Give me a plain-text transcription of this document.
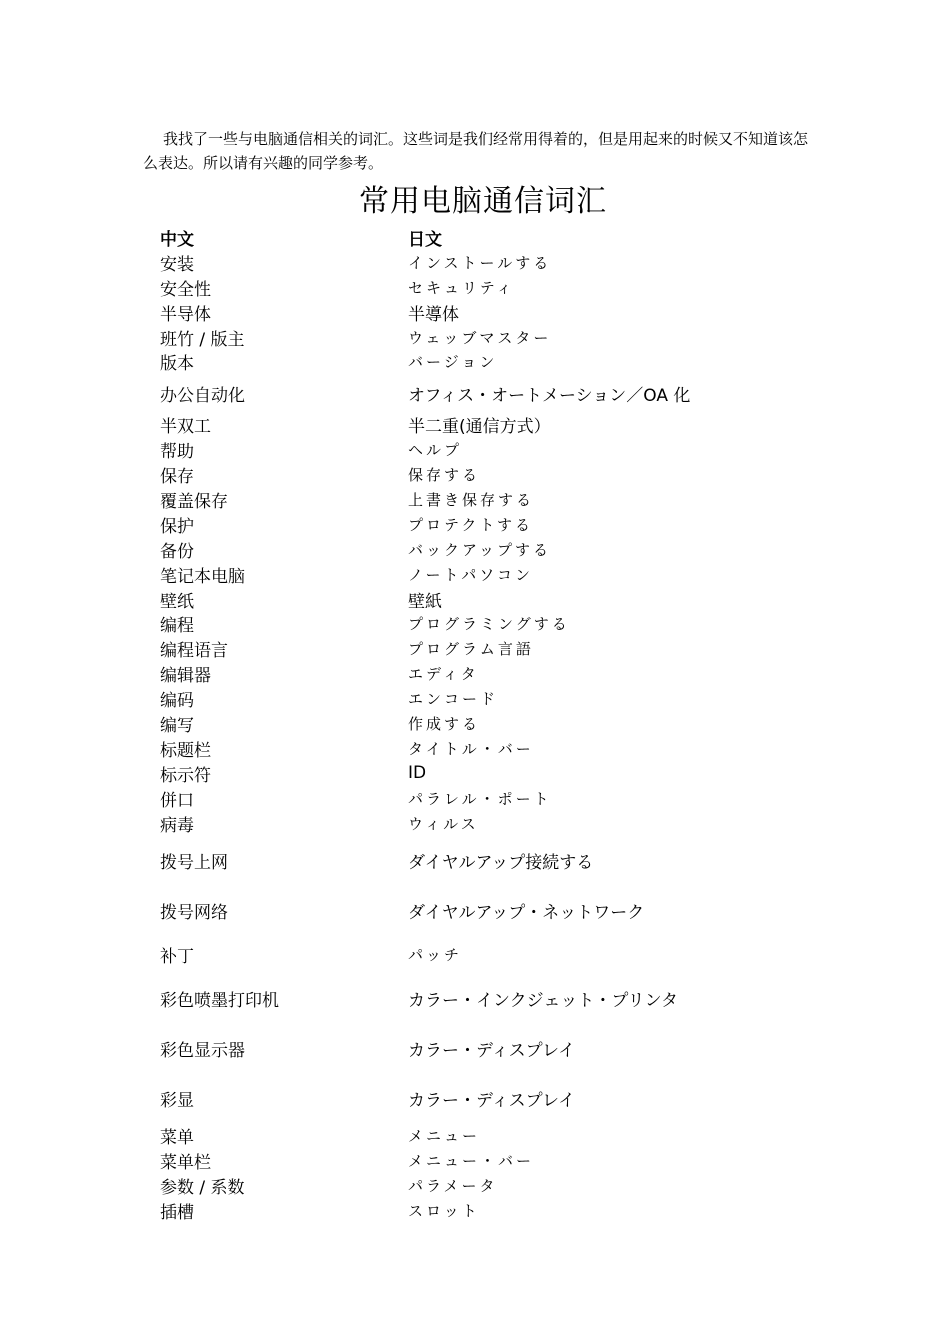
我找了一些与电脑通信相关的词汇。这些词是我们经常用得着的，但是用起来的时候又不知道该怎么表达。所以请有兴趣的同学参考。
常用电脑通信词汇
中文	日文
安装	インストールする
安全性	セキュリティ
半导体	半導体
班竹 / 版主	ウェッブマスター
版本	バージョン
办公自动化	オフィス・オートメーション／OA 化
半双工	半二重(通信方式）
帮助	ヘルプ
保存	保存する
覆盖保存	上書き保存する
保护	プロテクトする
备份	バックアップする
笔记本电脑	ノートパソコン
壁纸	壁紙
编程	プログラミングする
编程语言	プログラム言語
编辑器	エディタ
编码	エンコード
编写	作成する
标题栏	タイトル・バー
标示符	ID
併口	パラレル・ポート
病毒	ウィルス
拨号上网	ダイヤルアップ接続する
拨号网络	ダイヤルアップ・ネットワーク
补丁	パッチ
彩色喷墨打印机	カラー・インクジェット・プリンタ
彩色显示器	カラー・ディスプレイ
彩显	カラー・ディスプレイ
菜单	メニュー
菜单栏	メニュー・バー
参数 / 系数	パラメータ
插槽	スロット
